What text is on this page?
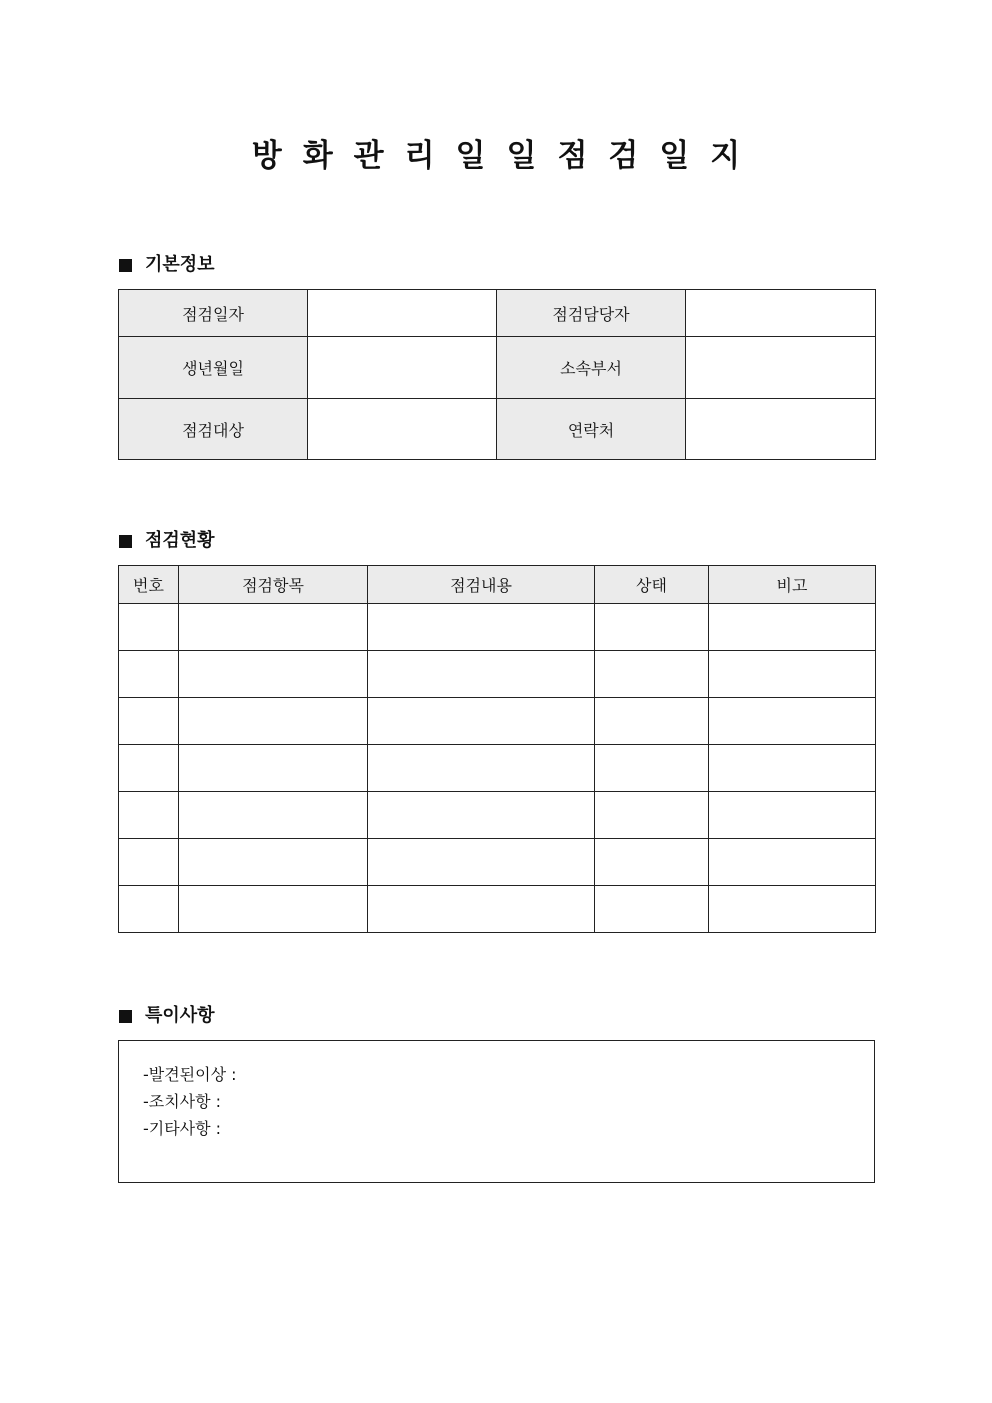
방화관리일일점검일지
기본정보
점검일자		점검담당자	
생년월일		소속부서	
점검대상		연락처	
점검현황
번호	점검항목	점검내용	상태	비고

특이사항
-발견된이상 :
-조치사항 :
-기타사항 :
